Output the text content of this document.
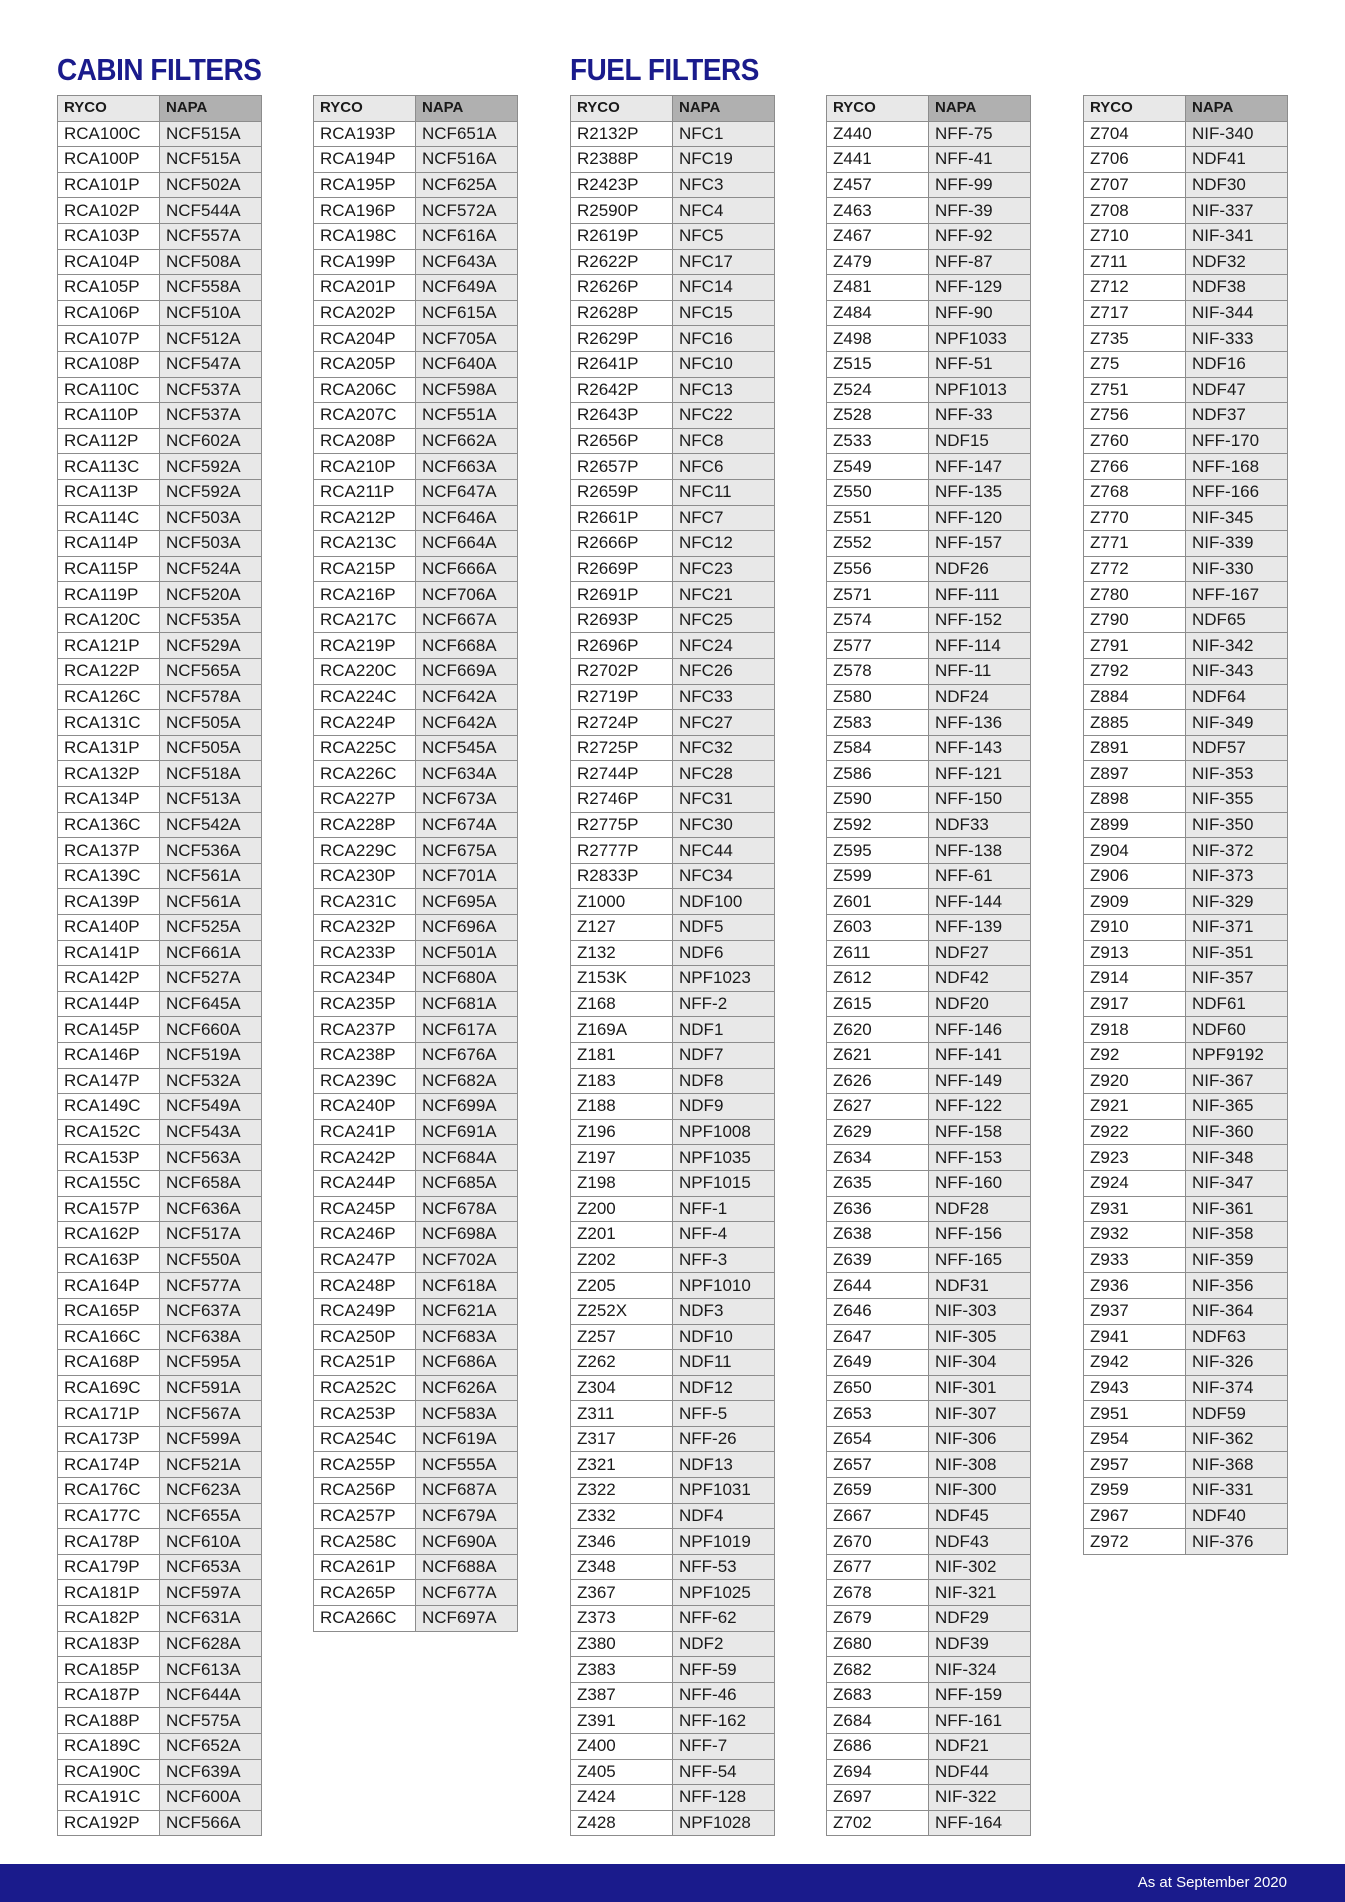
CABIN FILTERS	FUEL FILTERS
RYCO	NAPA
RCA100C	NCF515A
RCA100P	NCF515A
RCA101P	NCF502A
RCA102P	NCF544A
RCA103P	NCF557A
RCA104P	NCF508A
RCA105P	NCF558A
RCA106P	NCF510A
RCA107P	NCF512A
RCA108P	NCF547A
RCA110C	NCF537A
RCA110P	NCF537A
RCA112P	NCF602A
RCA113C	NCF592A
RCA113P	NCF592A
RCA114C	NCF503A
RCA114P	NCF503A
RCA115P	NCF524A
RCA119P	NCF520A
RCA120C	NCF535A
RCA121P	NCF529A
RCA122P	NCF565A
RCA126C	NCF578A
RCA131C	NCF505A
RCA131P	NCF505A
RCA132P	NCF518A
RCA134P	NCF513A
RCA136C	NCF542A
RCA137P	NCF536A
RCA139C	NCF561A
RCA139P	NCF561A
RCA140P	NCF525A
RCA141P	NCF661A
RCA142P	NCF527A
RCA144P	NCF645A
RCA145P	NCF660A
RCA146P	NCF519A
RCA147P	NCF532A
RCA149C	NCF549A
RCA152C	NCF543A
RCA153P	NCF563A
RCA155C	NCF658A
RCA157P	NCF636A
RCA162P	NCF517A
RCA163P	NCF550A
RCA164P	NCF577A
RCA165P	NCF637A
RCA166C	NCF638A
RCA168P	NCF595A
RCA169C	NCF591A
RCA171P	NCF567A
RCA173P	NCF599A
RCA174P	NCF521A
RCA176C	NCF623A
RCA177C	NCF655A
RCA178P	NCF610A
RCA179P	NCF653A
RCA181P	NCF597A
RCA182P	NCF631A
RCA183P	NCF628A
RCA185P	NCF613A
RCA187P	NCF644A
RCA188P	NCF575A
RCA189C	NCF652A
RCA190C	NCF639A
RCA191C	NCF600A
RCA192P	NCF566A
RYCO	NAPA
RCA193P	NCF651A
RCA194P	NCF516A
RCA195P	NCF625A
RCA196P	NCF572A
RCA198C	NCF616A
RCA199P	NCF643A
RCA201P	NCF649A
RCA202P	NCF615A
RCA204P	NCF705A
RCA205P	NCF640A
RCA206C	NCF598A
RCA207C	NCF551A
RCA208P	NCF662A
RCA210P	NCF663A
RCA211P	NCF647A
RCA212P	NCF646A
RCA213C	NCF664A
RCA215P	NCF666A
RCA216P	NCF706A
RCA217C	NCF667A
RCA219P	NCF668A
RCA220C	NCF669A
RCA224C	NCF642A
RCA224P	NCF642A
RCA225C	NCF545A
RCA226C	NCF634A
RCA227P	NCF673A
RCA228P	NCF674A
RCA229C	NCF675A
RCA230P	NCF701A
RCA231C	NCF695A
RCA232P	NCF696A
RCA233P	NCF501A
RCA234P	NCF680A
RCA235P	NCF681A
RCA237P	NCF617A
RCA238P	NCF676A
RCA239C	NCF682A
RCA240P	NCF699A
RCA241P	NCF691A
RCA242P	NCF684A
RCA244P	NCF685A
RCA245P	NCF678A
RCA246P	NCF698A
RCA247P	NCF702A
RCA248P	NCF618A
RCA249P	NCF621A
RCA250P	NCF683A
RCA251P	NCF686A
RCA252C	NCF626A
RCA253P	NCF583A
RCA254C	NCF619A
RCA255P	NCF555A
RCA256P	NCF687A
RCA257P	NCF679A
RCA258C	NCF690A
RCA261P	NCF688A
RCA265P	NCF677A
RCA266C	NCF697A
RYCO	NAPA
R2132P	NFC1
R2388P	NFC19
R2423P	NFC3
R2590P	NFC4
R2619P	NFC5
R2622P	NFC17
R2626P	NFC14
R2628P	NFC15
R2629P	NFC16
R2641P	NFC10
R2642P	NFC13
R2643P	NFC22
R2656P	NFC8
R2657P	NFC6
R2659P	NFC11
R2661P	NFC7
R2666P	NFC12
R2669P	NFC23
R2691P	NFC21
R2693P	NFC25
R2696P	NFC24
R2702P	NFC26
R2719P	NFC33
R2724P	NFC27
R2725P	NFC32
R2744P	NFC28
R2746P	NFC31
R2775P	NFC30
R2777P	NFC44
R2833P	NFC34
Z1000	NDF100
Z127	NDF5
Z132	NDF6
Z153K	NPF1023
Z168	NFF-2
Z169A	NDF1
Z181	NDF7
Z183	NDF8
Z188	NDF9
Z196	NPF1008
Z197	NPF1035
Z198	NPF1015
Z200	NFF-1
Z201	NFF-4
Z202	NFF-3
Z205	NPF1010
Z252X	NDF3
Z257	NDF10
Z262	NDF11
Z304	NDF12
Z311	NFF-5
Z317	NFF-26
Z321	NDF13
Z322	NPF1031
Z332	NDF4
Z346	NPF1019
Z348	NFF-53
Z367	NPF1025
Z373	NFF-62
Z380	NDF2
Z383	NFF-59
Z387	NFF-46
Z391	NFF-162
Z400	NFF-7
Z405	NFF-54
Z424	NFF-128
Z428	NPF1028
RYCO	NAPA
Z440	NFF-75
Z441	NFF-41
Z457	NFF-99
Z463	NFF-39
Z467	NFF-92
Z479	NFF-87
Z481	NFF-129
Z484	NFF-90
Z498	NPF1033
Z515	NFF-51
Z524	NPF1013
Z528	NFF-33
Z533	NDF15
Z549	NFF-147
Z550	NFF-135
Z551	NFF-120
Z552	NFF-157
Z556	NDF26
Z571	NFF-111
Z574	NFF-152
Z577	NFF-114
Z578	NFF-11
Z580	NDF24
Z583	NFF-136
Z584	NFF-143
Z586	NFF-121
Z590	NFF-150
Z592	NDF33
Z595	NFF-138
Z599	NFF-61
Z601	NFF-144
Z603	NFF-139
Z611	NDF27
Z612	NDF42
Z615	NDF20
Z620	NFF-146
Z621	NFF-141
Z626	NFF-149
Z627	NFF-122
Z629	NFF-158
Z634	NFF-153
Z635	NFF-160
Z636	NDF28
Z638	NFF-156
Z639	NFF-165
Z644	NDF31
Z646	NIF-303
Z647	NIF-305
Z649	NIF-304
Z650	NIF-301
Z653	NIF-307
Z654	NIF-306
Z657	NIF-308
Z659	NIF-300
Z667	NDF45
Z670	NDF43
Z677	NIF-302
Z678	NIF-321
Z679	NDF29
Z680	NDF39
Z682	NIF-324
Z683	NFF-159
Z684	NFF-161
Z686	NDF21
Z694	NDF44
Z697	NIF-322
Z702	NFF-164
RYCO	NAPA
Z704	NIF-340
Z706	NDF41
Z707	NDF30
Z708	NIF-337
Z710	NIF-341
Z711	NDF32
Z712	NDF38
Z717	NIF-344
Z735	NIF-333
Z75	NDF16
Z751	NDF47
Z756	NDF37
Z760	NFF-170
Z766	NFF-168
Z768	NFF-166
Z770	NIF-345
Z771	NIF-339
Z772	NIF-330
Z780	NFF-167
Z790	NDF65
Z791	NIF-342
Z792	NIF-343
Z884	NDF64
Z885	NIF-349
Z891	NDF57
Z897	NIF-353
Z898	NIF-355
Z899	NIF-350
Z904	NIF-372
Z906	NIF-373
Z909	NIF-329
Z910	NIF-371
Z913	NIF-351
Z914	NIF-357
Z917	NDF61
Z918	NDF60
Z92	NPF9192
Z920	NIF-367
Z921	NIF-365
Z922	NIF-360
Z923	NIF-348
Z924	NIF-347
Z931	NIF-361
Z932	NIF-358
Z933	NIF-359
Z936	NIF-356
Z937	NIF-364
Z941	NDF63
Z942	NIF-326
Z943	NIF-374
Z951	NDF59
Z954	NIF-362
Z957	NIF-368
Z959	NIF-331
Z967	NDF40
Z972	NIF-376
As at September 2020
